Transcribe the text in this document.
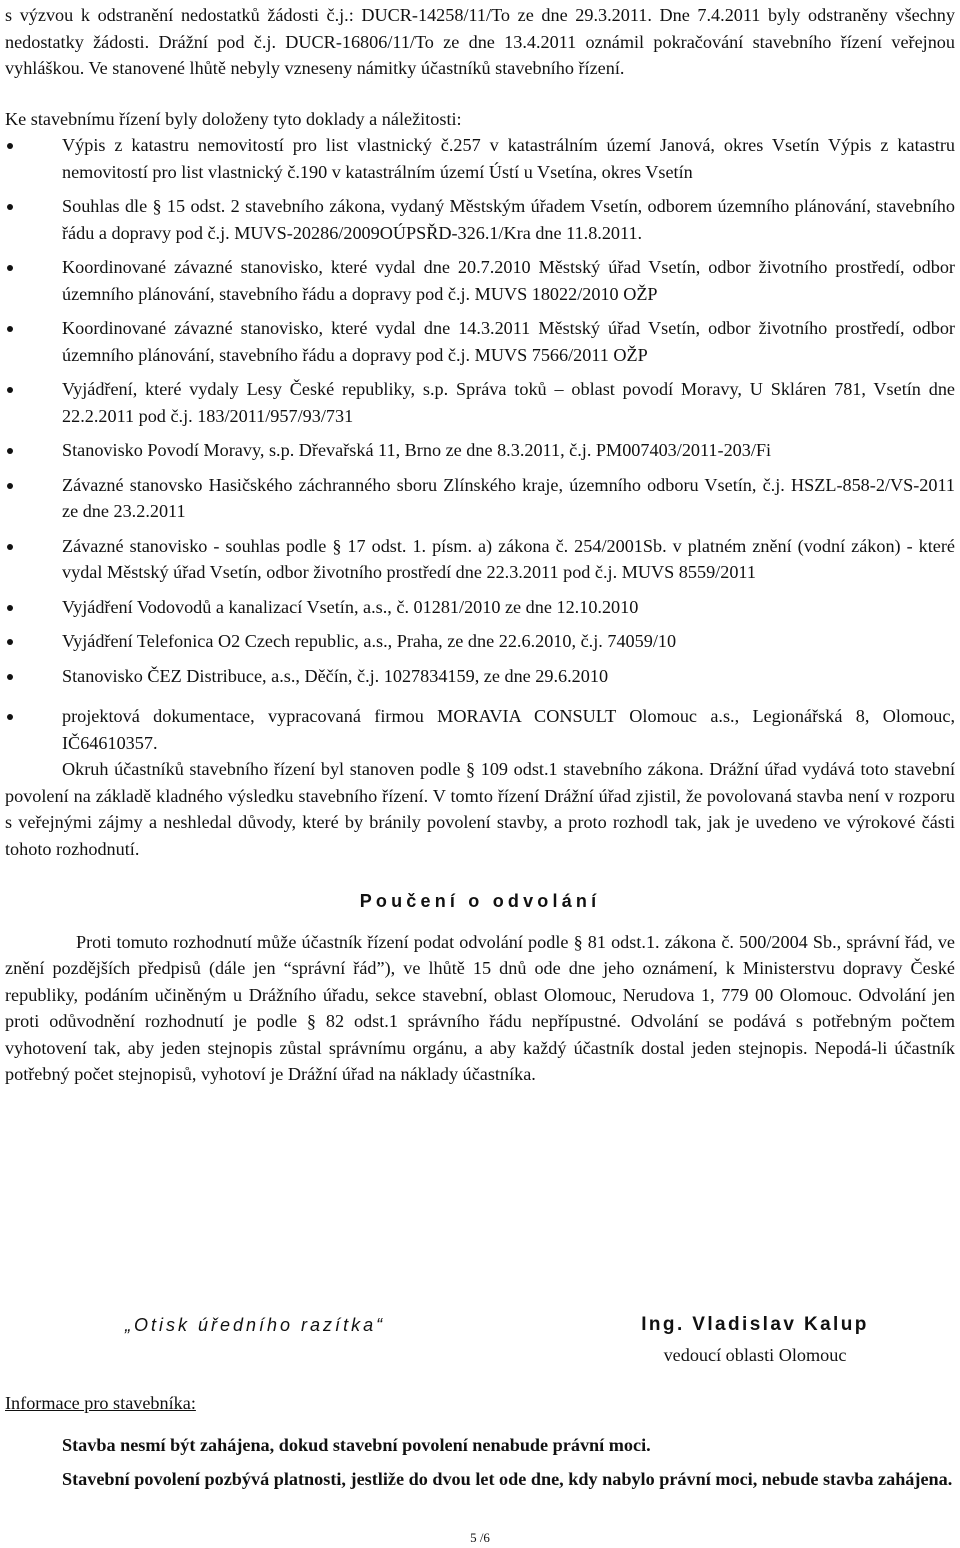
s výzvou k odstranění nedostatků žádosti č.j.: DUCR-14258/11/To ze dne 29.3.2011. Dne 7.4.2011 byly odstraněny všechny nedostatky žádosti. Drážní pod č.j. DUCR-16806/11/To ze dne 13.4.2011 oznámil pokračování stavebního řízení veřejnou vyhláškou. Ve stanovené lhůtě nebyly vzneseny námitky účastníků stavebního řízení.

Ke stavebnímu řízení byly doloženy tyto doklady a náležitosti:

Výpis z katastru nemovitostí pro list vlastnický č.257 v katastrálním území Janová, okres Vsetín Výpis z katastru nemovitostí pro list vlastnický č.190 v katastrálním území Ústí u Vsetína, okres Vsetín
Souhlas dle § 15 odst. 2 stavebního zákona, vydaný Městským úřadem Vsetín, odborem územního plánování, stavebního řádu a dopravy pod č.j. MUVS-20286/2009OÚPSŘD-326.1/Kra dne 11.8.2011.
Koordinované závazné stanovisko, které vydal dne 20.7.2010 Městský úřad Vsetín, odbor životního prostředí, odbor územního plánování, stavebního řádu a dopravy pod č.j. MUVS 18022/2010 OŽP
Koordinované závazné stanovisko, které vydal dne 14.3.2011 Městský úřad Vsetín, odbor životního prostředí, odbor územního plánování, stavebního řádu a dopravy pod č.j. MUVS 7566/2011 OŽP
Vyjádření, které vydaly Lesy České republiky, s.p. Správa toků – oblast povodí Moravy, U Skláren 781, Vsetín dne 22.2.2011 pod č.j. 183/2011/957/93/731
Stanovisko Povodí Moravy, s.p. Dřevařská 11, Brno ze dne 8.3.2011, č.j. PM007403/2011-203/Fi
Závazné stanovsko Hasičského záchranného sboru Zlínského kraje, územního odboru Vsetín, č.j. HSZL-858-2/VS-2011 ze dne 23.2.2011
Závazné stanovisko - souhlas podle § 17 odst. 1. písm. a) zákona č. 254/2001Sb. v platném znění (vodní zákon) - které vydal Městský úřad Vsetín, odbor životního prostředí dne 22.3.2011 pod č.j. MUVS 8559/2011
Vyjádření Vodovodů a kanalizací Vsetín, a.s., č. 01281/2010 ze dne 12.10.2010
Vyjádření Telefonica O2 Czech republic, a.s., Praha, ze dne 22.6.2010, č.j. 74059/10
Stanovisko ČEZ Distribuce, a.s., Děčín, č.j. 1027834159, ze dne 29.6.2010
projektová dokumentace, vypracovaná firmou MORAVIA CONSULT Olomouc a.s., Legionářská 8, Olomouc, IČ64610357.

Okruh účastníků stavebního řízení byl stanoven podle § 109 odst.1 stavebního zákona. Drážní úřad vydává toto stavební povolení na základě kladného výsledku stavebního řízení. V tomto řízení Drážní úřad zjistil, že povolovaná stavba není v rozporu s veřejnými zájmy a neshledal důvody, které by bránily povolení stavby, a proto rozhodl tak, jak je uvedeno ve výrokové části tohoto rozhodnutí.

Poučení o odvolání

Proti tomuto rozhodnutí může účastník řízení podat odvolání podle § 81 odst.1. zákona č. 500/2004 Sb., správní řád, ve znění pozdějších předpisů (dále jen “správní řád”), ve lhůtě 15 dnů ode dne jeho oznámení, k Ministerstvu dopravy České republiky, podáním učiněným u Drážního úřadu, sekce stavební, oblast Olomouc, Nerudova 1, 779 00 Olomouc. Odvolání jen proti odůvodnění rozhodnutí je podle § 82 odst.1 správního řádu nepřípustné. Odvolání se podává s potřebným počtem vyhotovení tak, aby jeden stejnopis zůstal správnímu orgánu, a aby každý účastník dostal jeden stejnopis. Nepodá-li účastník potřebný počet stejnopisů, vyhotoví je Drážní úřad na náklady účastníka.

„Otisk úředního razítka“	Ing. Vladislav Kalup
vedoucí oblasti Olomouc
Informace pro stavebníka:
Stavba nesmí být zahájena, dokud stavební povolení nenabude právní moci.
Stavební povolení pozbývá platnosti, jestliže do dvou let ode dne, kdy nabylo právní moci, nebude stavba zahájena.
5 /6
